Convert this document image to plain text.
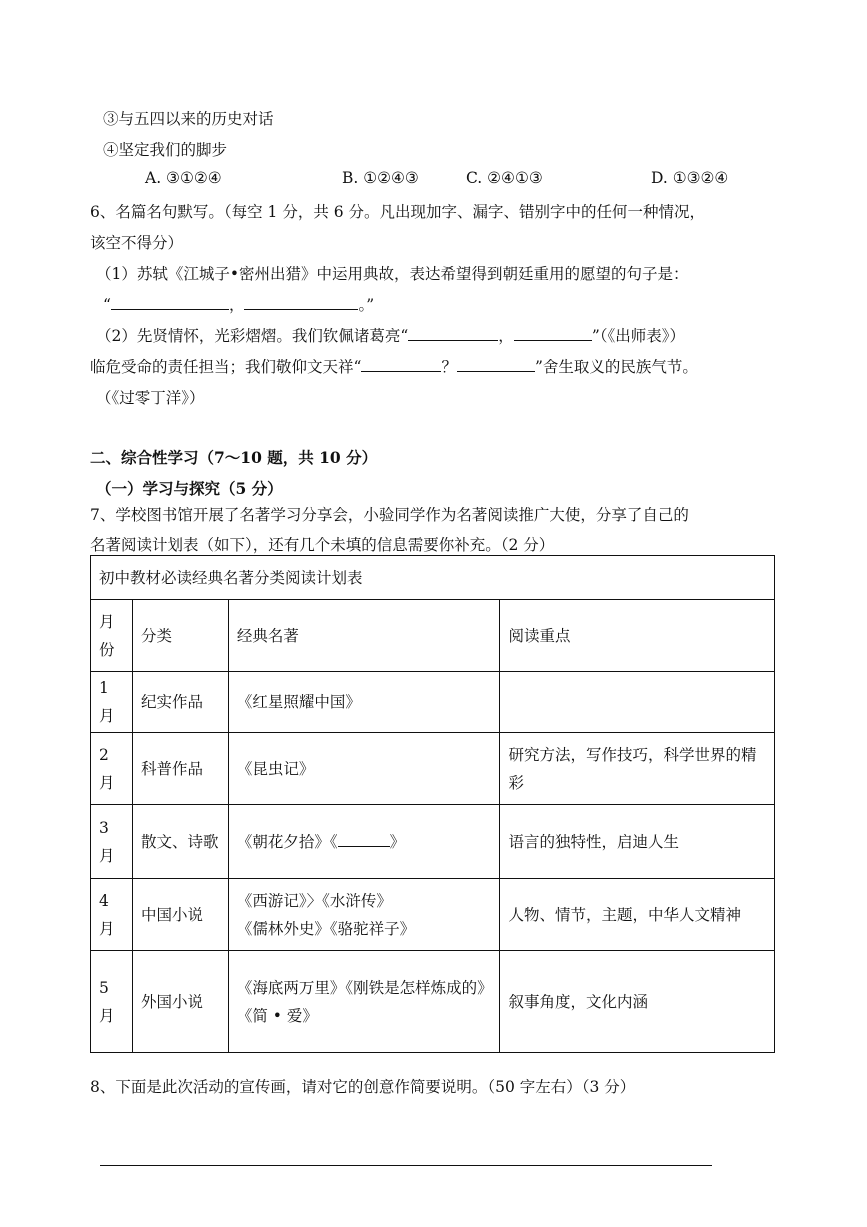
③与五四以来的历史对话
④坚定我们的脚步
A. ③①②④	B. ①②④③	C. ②④①③	D. ①③②④
6、名篇名句默写。（每空 1 分，共 6 分。凡出现加字、漏字、错别字中的任何一种情况，
该空不得分）
（1）苏轼《江城子•密州出猎》中运用典故，表达希望得到朝廷重用的愿望的句子是：
“	，	。”
（2）先贤情怀，光彩熠熠。我们钦佩诸葛亮“	，	”（《出师表》）
临危受命的责任担当；我们敬仰文天祥“	？	”舍生取义的民族气节。
（《过零丁洋》）
二、综合性学习（7～10 题，共 10 分）
（一）学习与探究（5 分）
7、学校图书馆开展了名著学习分享会，小验同学作为名著阅读推广大使，分享了自己的
名著阅读计划表（如下），还有几个未填的信息需要你补充。（2 分）
初中教材必读经典名著分类阅读计划表			
月份	分类	经典名著	阅读重点
1月	纪实作品	《红星照耀中国》	
2月	科普作品	《昆虫记》	研究方法，写作技巧，科学世界的精彩
3月	散文、诗歌	《朝花夕拾》《 》	语言的独特性，启迪人生
4月	中国小说	《西游记》〉《水浒传》
《儒林外史》《骆驼祥子》	人物、情节，主题，中华人文精神
5月	外国小说	《海底两万里》《刚铁是怎样炼成的》
《简 • 爱》	叙事角度，文化内涵
8、下面是此次活动的宣传画，请对它的创意作简要说明。（50 字左右）（3 分）
